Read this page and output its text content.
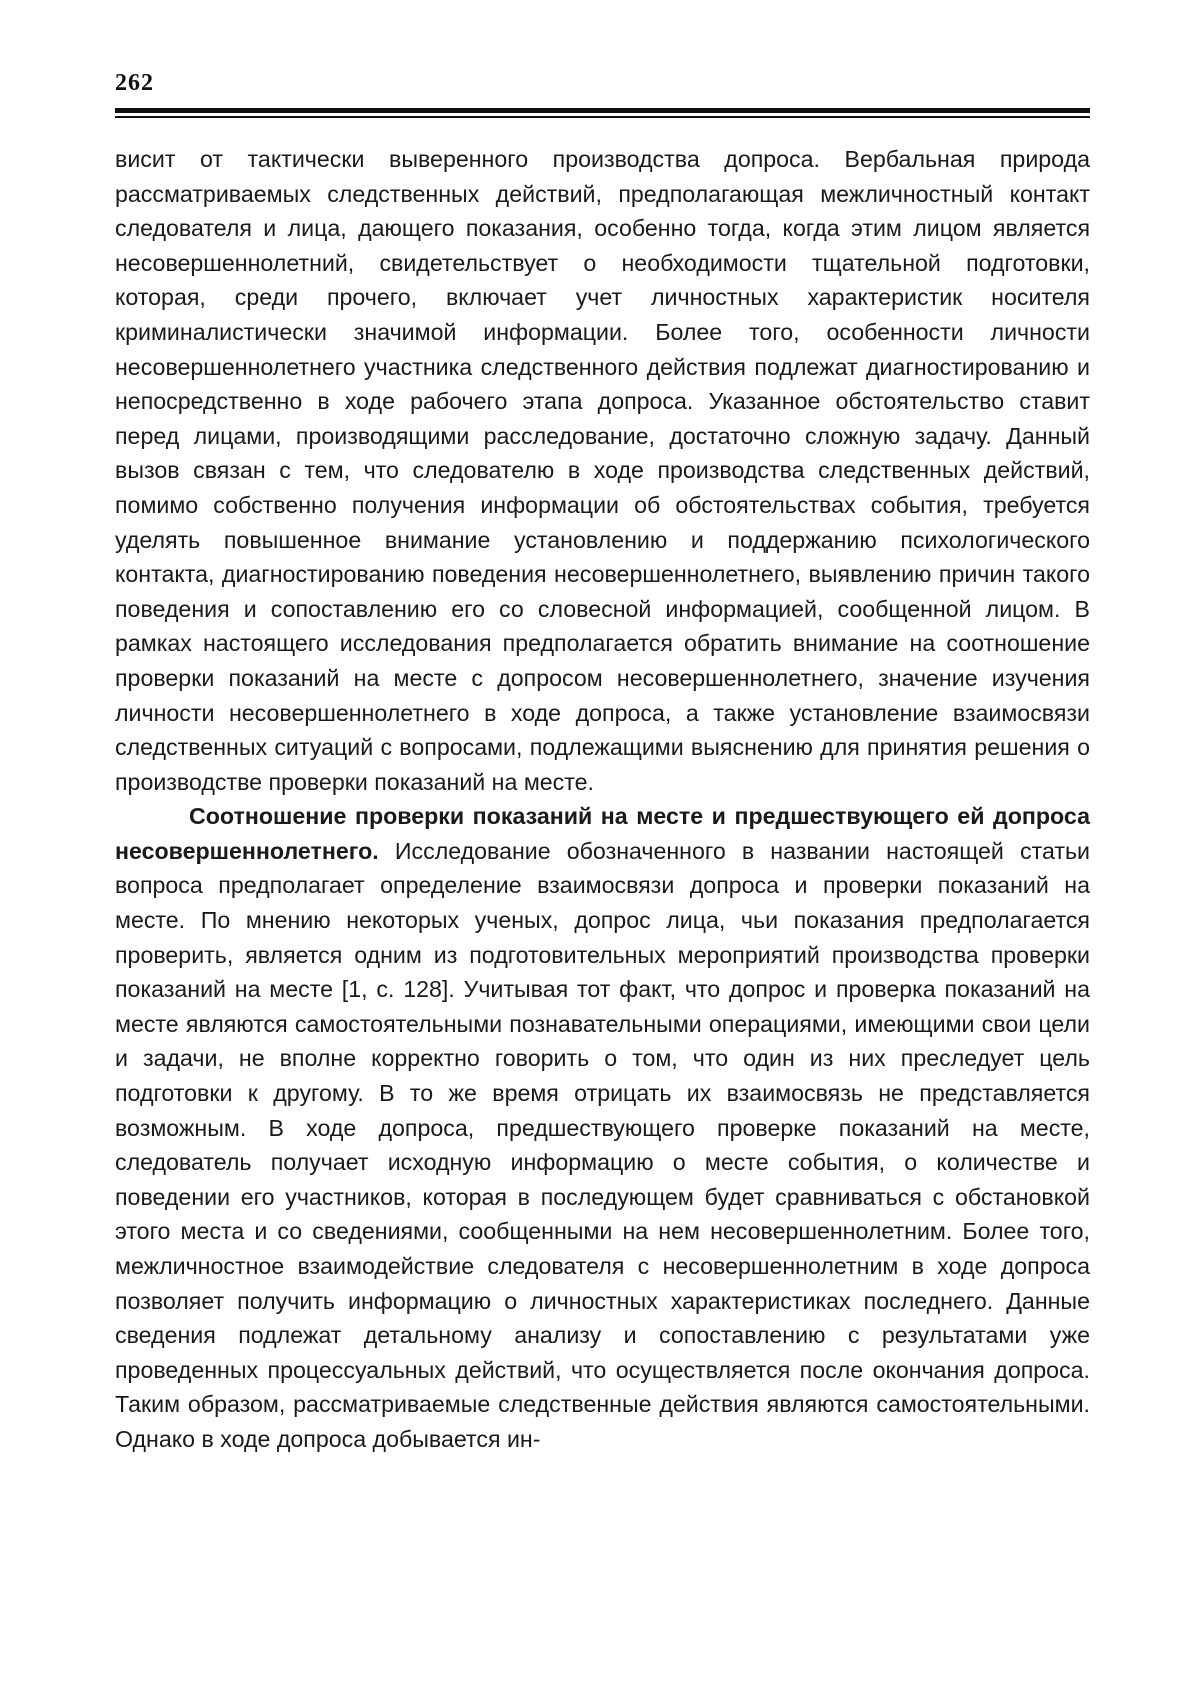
262

висит от тактически выверенного производства допроса. Вербальная природа рассматриваемых следственных действий, предполагающая межличностный контакт следователя и лица, дающего показания, особенно тогда, когда этим лицом является несовершеннолетний, свидетельствует о необходимости тщательной подготовки, которая, среди прочего, включает учет личностных характеристик носителя криминалистически значимой информации. Более того, особенности личности несовершеннолетнего участника следственного действия подлежат диагностированию и непосредственно в ходе рабочего этапа допроса. Указанное обстоятельство ставит перед лицами, производящими расследование, достаточно сложную задачу. Данный вызов связан с тем, что следователю в ходе производства следственных действий, помимо собственно получения информации об обстоятельствах события, требуется уделять повышенное внимание установлению и поддержанию психологического контакта, диагностированию поведения несовершеннолетнего, выявлению причин такого поведения и сопоставлению его со словесной информацией, сообщенной лицом. В рамках настоящего исследования предполагается обратить внимание на соотношение проверки показаний на месте с допросом несовершеннолетнего, значение изучения личности несовершеннолетнего в ходе допроса, а также установление взаимосвязи следственных ситуаций с вопросами, подлежащими выяснению для принятия решения о производстве проверки показаний на месте.

Соотношение проверки показаний на месте и предшествующего ей допроса несовершеннолетнего. Исследование обозначенного в названии настоящей статьи вопроса предполагает определение взаимосвязи допроса и проверки показаний на месте. По мнению некоторых ученых, допрос лица, чьи показания предполагается проверить, является одним из подготовительных мероприятий производства проверки показаний на месте [1, с. 128]. Учитывая тот факт, что допрос и проверка показаний на месте являются самостоятельными познавательными операциями, имеющими свои цели и задачи, не вполне корректно говорить о том, что один из них преследует цель подготовки к другому. В то же время отрицать их взаимосвязь не представляется возможным. В ходе допроса, предшествующего проверке показаний на месте, следователь получает исходную информацию о месте события, о количестве и поведении его участников, которая в последующем будет сравниваться с обстановкой этого места и со сведениями, сообщенными на нем несовершеннолетним. Более того, межличностное взаимодействие следователя с несовершеннолетним в ходе допроса позволяет получить информацию о личностных характеристиках последнего. Данные сведения подлежат детальному анализу и сопоставлению с результатами уже проведенных процессуальных действий, что осуществляется после окончания допроса. Таким образом, рассматриваемые следственные действия являются самостоятельными. Однако в ходе допроса добывается ин-
